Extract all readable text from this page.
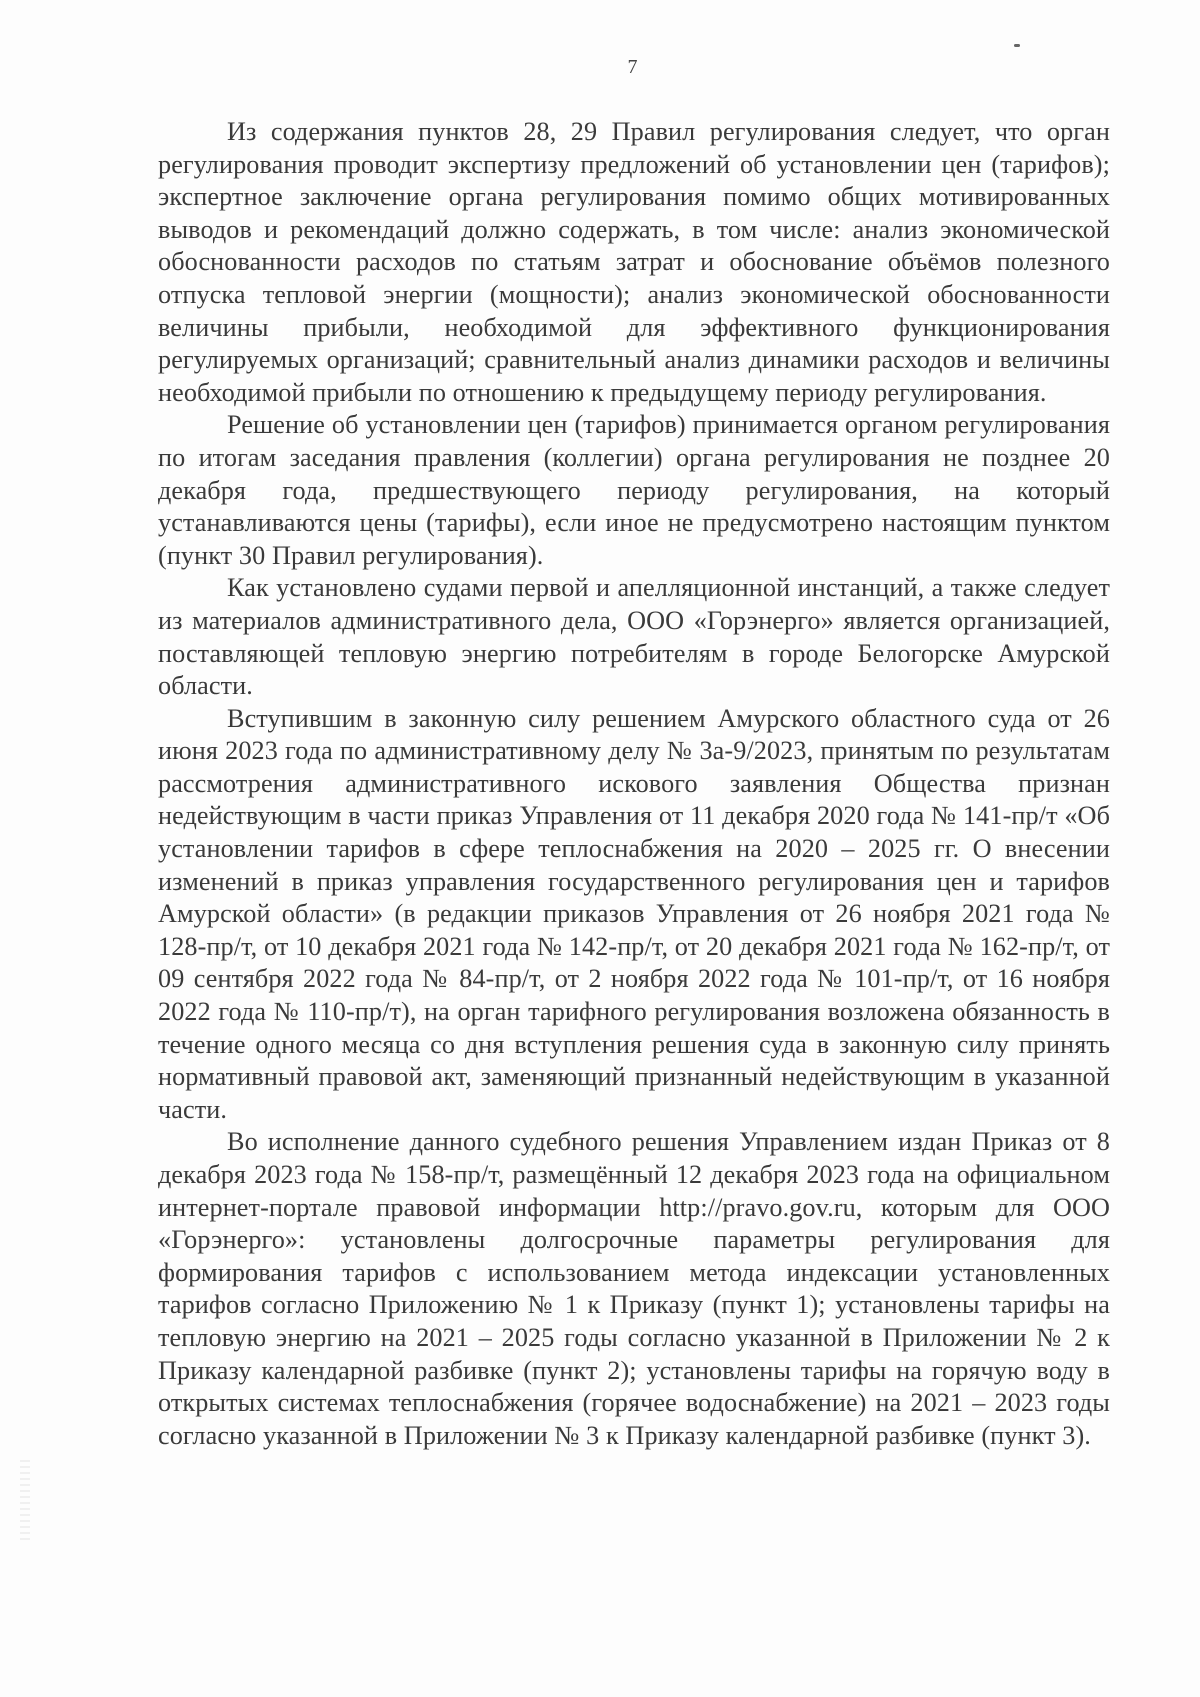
7

Из содержания пунктов 28, 29 Правил регулирования следует, что орган регулирования проводит экспертизу предложений об установлении цен (тарифов); экспертное заключение органа регулирования помимо общих мотивированных выводов и рекомендаций должно содержать, в том числе: анализ экономической обоснованности расходов по статьям затрат и обоснование объёмов полезного отпуска тепловой энергии (мощности); анализ экономической обоснованности величины прибыли, необходимой для эффективного функционирования регулируемых организаций; сравнительный анализ динамики расходов и величины необходимой прибыли по отношению к предыдущему периоду регулирования.

Решение об установлении цен (тарифов) принимается органом регулирования по итогам заседания правления (коллегии) органа регулирования не позднее 20 декабря года, предшествующего периоду регулирования, на который устанавливаются цены (тарифы), если иное не предусмотрено настоящим пунктом (пункт 30 Правил регулирования).

Как установлено судами первой и апелляционной инстанций, а также следует из материалов административного дела, ООО «Горэнерго» является организацией, поставляющей тепловую энергию потребителям в городе Белогорске Амурской области.

Вступившим в законную силу решением Амурского областного суда от 26 июня 2023 года по административному делу № 3а-9/2023, принятым по результатам рассмотрения административного искового заявления Общества признан недействующим в части приказ Управления от 11 декабря 2020 года № 141-пр/т «Об установлении тарифов в сфере теплоснабжения на 2020 – 2025 гг. О внесении изменений в приказ управления государственного регулирования цен и тарифов Амурской области» (в редакции приказов Управления от 26 ноября 2021 года № 128-пр/т, от 10 декабря 2021 года № 142-пр/т, от 20 декабря 2021 года № 162-пр/т, от 09 сентября 2022 года № 84-пр/т, от 2 ноября 2022 года № 101-пр/т, от 16 ноября 2022 года № 110-пр/т), на орган тарифного регулирования возложена обязанность в течение одного месяца со дня вступления решения суда в законную силу принять нормативный правовой акт, заменяющий признанный недействующим в указанной части.

Во исполнение данного судебного решения Управлением издан Приказ от 8 декабря 2023 года № 158-пр/т, размещённый 12 декабря 2023 года на официальном интернет-портале правовой информации http://pravo.gov.ru, которым для ООО «Горэнерго»: установлены долгосрочные параметры регулирования для формирования тарифов с использованием метода индексации установленных тарифов согласно Приложению № 1 к Приказу (пункт 1); установлены тарифы на тепловую энергию на 2021 – 2025 годы согласно указанной в Приложении № 2 к Приказу календарной разбивке (пункт 2); установлены тарифы на горячую воду в открытых системах теплоснабжения (горячее водоснабжение) на 2021 – 2023 годы согласно указанной в Приложении № 3 к Приказу календарной разбивке (пункт 3).
